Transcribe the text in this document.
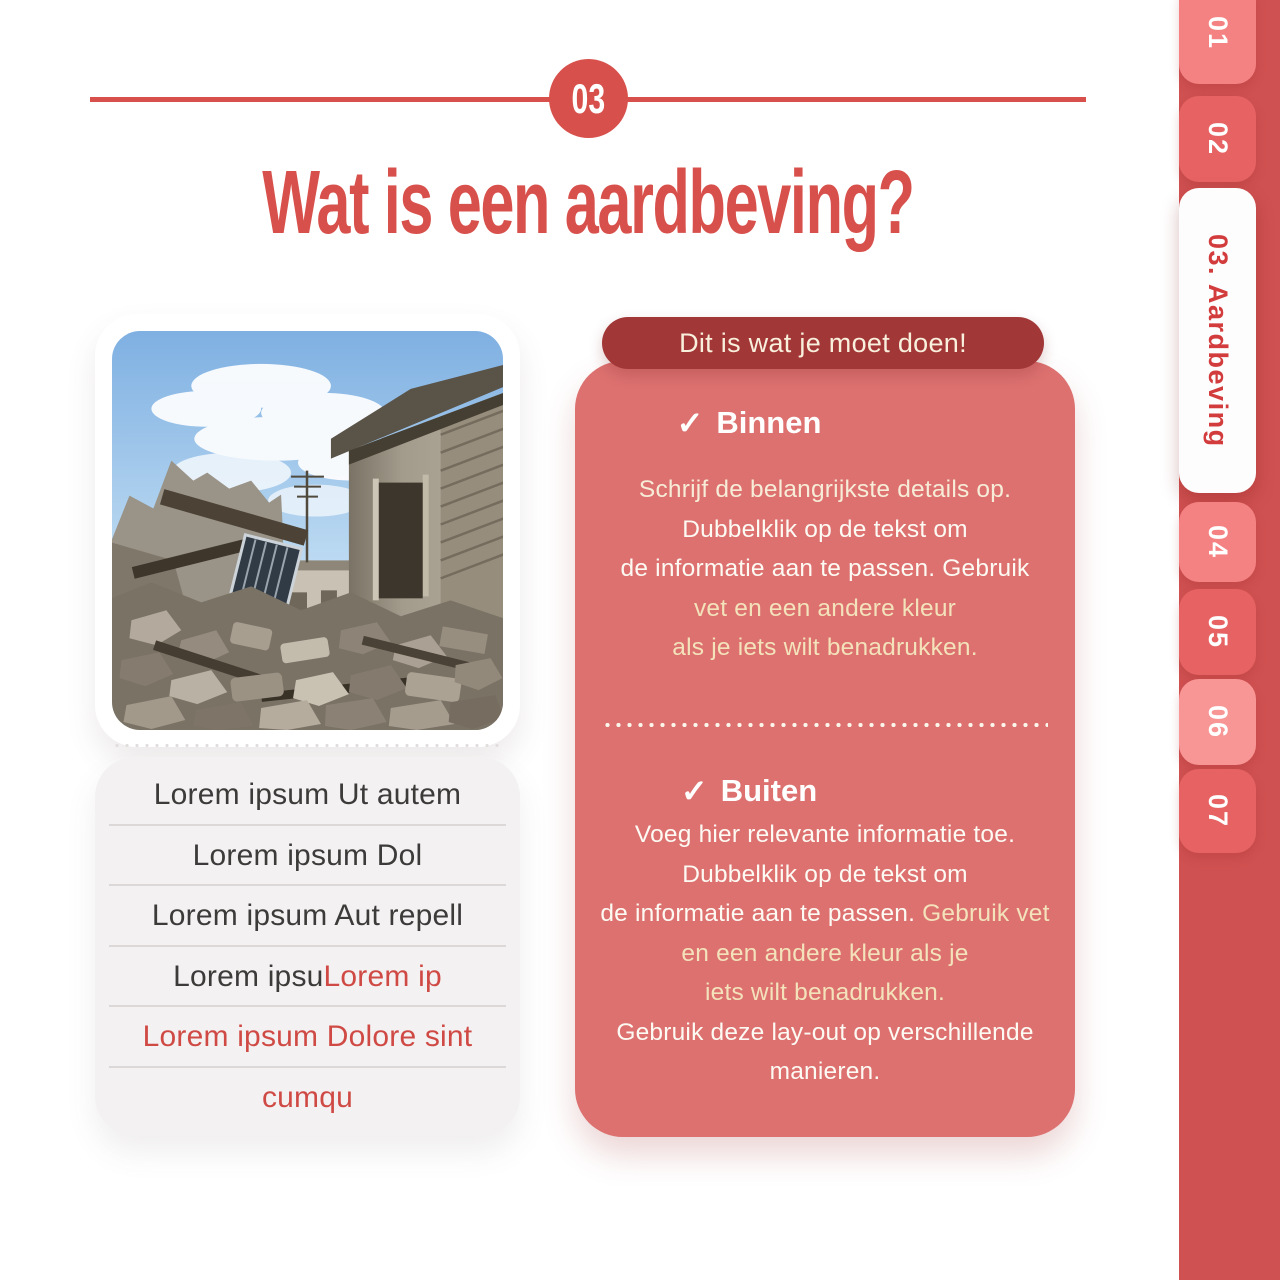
03
Wat is een aardbeving?
Lorem ipsum Ut autem
Lorem ipsum Dol
Lorem ipsum Aut repell
Lorem ipsu Lorem ip
Lorem ipsum Dolore sint
cumqu
Dit is wat je moet doen!
✓ Binnen
Schrijf de belangrijkste details op.
Dubbelklik op de tekst om
de informatie aan te passen. Gebruik
vet en een andere kleur
als je iets wilt benadrukken.
✓ Buiten
Voeg hier relevante informatie toe.
Dubbelklik op de tekst om
de informatie aan te passen. Gebruik vet
en een andere kleur als je
iets wilt benadrukken.
Gebruik deze lay-out op verschillende
manieren.
01
02
03. Aardbeving
04
05
06
07
